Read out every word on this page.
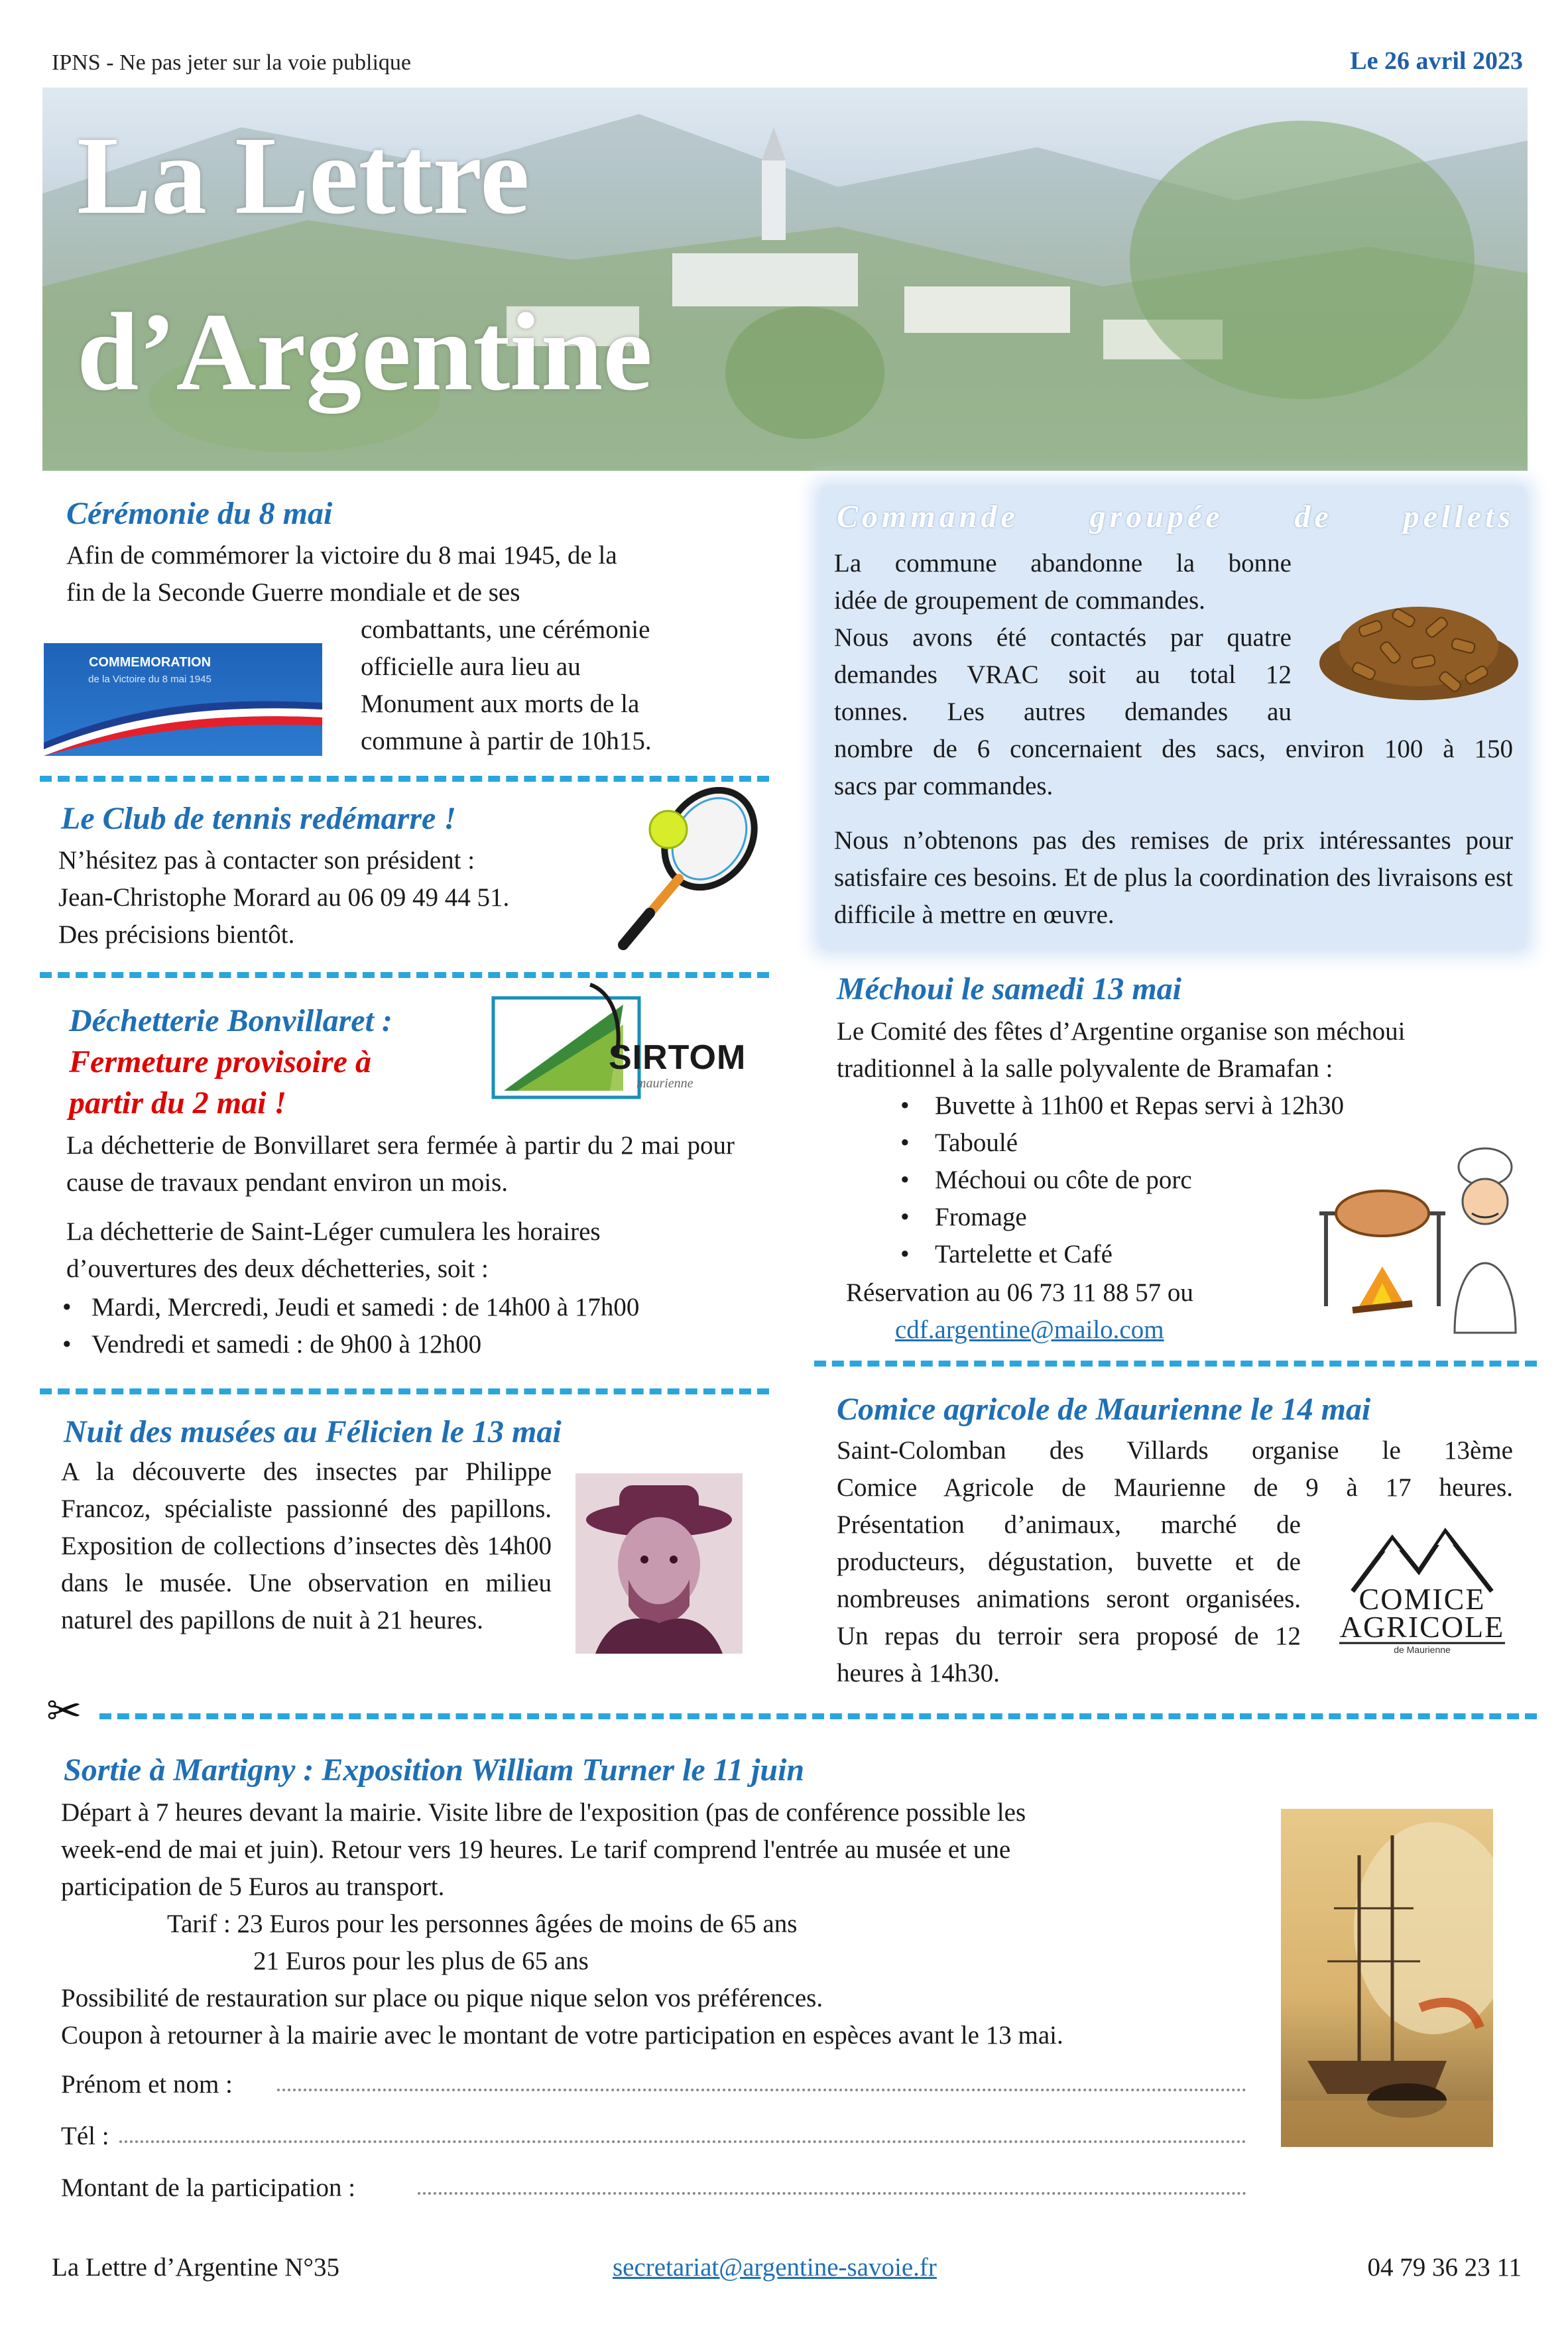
IPNS - Ne pas jeter sur la voie publique	Le 26 avril 2023
La Lettre
d’Argentine
Cérémonie du 8 mai
Afin de commémorer la victoire du 8 mai 1945, de la
fin de la Seconde Guerre mondiale et de ses
combattants, une cérémonie
officielle aura lieu au
Monument aux morts de la
commune à partir de 10h15.
COMMEMORATION
de la Victoire du 8 mai 1945
Le Club de tennis redémarre !
N’hésitez pas à contacter son président :
Jean-Christophe Morard au 06 09 49 44 51.
Des précisions bientôt.
Déchetterie Bonvillaret :
Fermeture provisoire à
partir du 2 mai !
SIRTOM
maurienne
La déchetterie de Bonvillaret sera fermée à partir du 2 mai pour cause de travaux pendant environ un mois.
La déchetterie de Saint-Léger cumulera les horaires d’ouvertures des deux déchetteries, soit :
• Mardi, Mercredi, Jeudi et samedi : de 14h00 à 17h00
• Vendredi et samedi : de 9h00 à 12h00
Nuit des musées au Félicien le 13 mai
A la découverte des insectes par Philippe Francoz, spécialiste passionné des papillons. Exposition de collections d’insectes dès 14h00 dans le musée. Une observation en milieu naturel des papillons de nuit à 21 heures.
✂
Commande groupée de pellets
La commune abandonne la bonne
idée de groupement de commandes.
Nous avons été contactés par quatre
demandes VRAC soit au total 12
tonnes. Les autres demandes au
nombre de 6 concernaient des sacs, environ 100 à 150
sacs par commandes.
Nous n’obtenons pas des remises de prix intéressantes pour satisfaire ces besoins. Et de plus la coordination des livraisons est difficile à mettre en œuvre.
Méchoui le samedi 13 mai
Le Comité des fêtes d’Argentine organise son méchoui traditionnel à la salle polyvalente de Bramafan :
• Buvette à 11h00 et Repas servi à 12h30
• Taboulé
• Méchoui ou côte de porc
• Fromage
• Tartelette et Café
Réservation au 06 73 11 88 57 ou
cdf.argentine@mailo.com
Comice agricole de Maurienne le 14 mai
Saint-Colomban des Villards organise le 13ème
Comice Agricole de Maurienne de 9 à 17 heures.
Présentation d’animaux, marché de producteurs, dégustation, buvette et de nombreuses animations seront organisées. Un repas du terroir sera proposé de 12 heures à 14h30.
COMICE
AGRICOLE
de Maurienne
Sortie à Martigny : Exposition William Turner le 11 juin
Départ à 7 heures devant la mairie. Visite libre de l'exposition (pas de conférence possible les
week-end de mai et juin). Retour vers 19 heures. Le tarif comprend l'entrée au musée et une
participation de 5 Euros au transport.
Tarif : 23 Euros pour les personnes âgées de moins de 65 ans
21 Euros pour les plus de 65 ans
Possibilité de restauration sur place ou pique nique selon vos préférences.
Coupon à retourner à la mairie avec le montant de votre participation en espèces avant le 13 mai.
Prénom et nom :
Tél :
Montant de la participation :
La Lettre d’Argentine N°35	secretariat@argentine-savoie.fr	04 79 36 23 11
